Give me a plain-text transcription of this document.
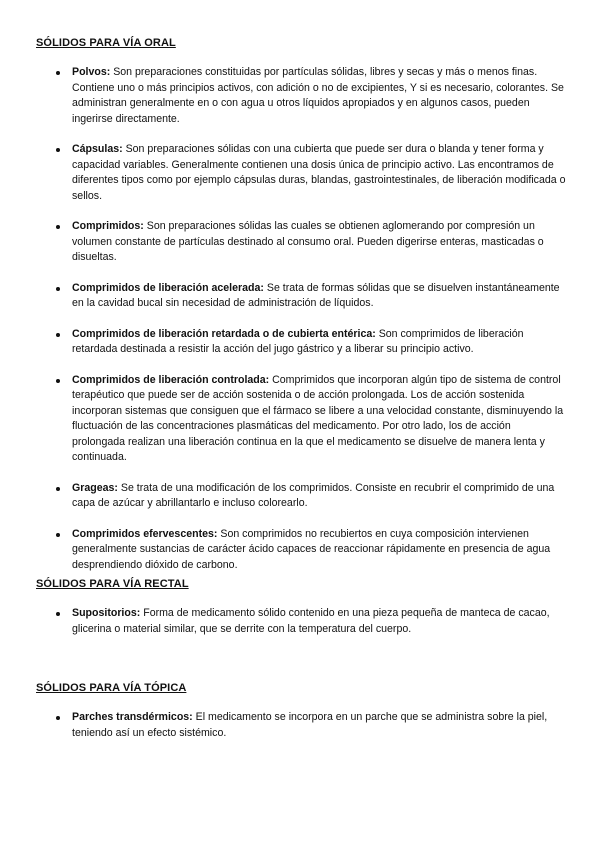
SÓLIDOS PARA VÍA ORAL

Polvos: Son preparaciones constituidas por partículas sólidas, libres y secas y más o menos finas. Contiene uno o más principios activos, con adición o no de excipientes, Y si es necesario, colorantes. Se administran generalmente en o con agua u otros líquidos apropiados y en algunos casos, pueden ingerirse directamente.
Cápsulas: Son preparaciones sólidas con una cubierta que puede ser dura o blanda y tener forma y capacidad variables. Generalmente contienen una dosis única de principio activo. Las encontramos de diferentes tipos como por ejemplo cápsulas duras, blandas, gastrointestinales, de liberación modificada o sellos.
Comprimidos: Son preparaciones sólidas las cuales se obtienen aglomerando por compresión un volumen constante de partículas destinado al consumo oral. Pueden digerirse enteras, masticadas o disueltas.
Comprimidos de liberación acelerada: Se trata de formas sólidas que se disuelven instantáneamente en la cavidad bucal sin necesidad de administración de líquidos.
Comprimidos de liberación retardada o de cubierta entérica: Son comprimidos de liberación retardada destinada a resistir la acción del jugo gástrico y a liberar su principio activo.
Comprimidos de liberación controlada: Comprimidos que incorporan algún tipo de sistema de control terapéutico que puede ser de acción sostenida o de acción prolongada. Los de acción sostenida incorporan sistemas que consiguen que el fármaco se libere a una velocidad constante, disminuyendo la fluctuación de las concentraciones plasmáticas del medicamento. Por otro lado, los de acción prolongada realizan una liberación continua en la que el medicamento se disuelve de manera lenta y continuada.
Grageas: Se trata de una modificación de los comprimidos. Consiste en recubrir el comprimido de una capa de azúcar y abrillantarlo e incluso colorearlo.
Comprimidos efervescentes: Son comprimidos no recubiertos en cuya composición intervienen generalmente sustancias de carácter ácido capaces de reaccionar rápidamente en presencia de agua desprendiendo dióxido de carbono.

SÓLIDOS PARA VÍA RECTAL

Supositorios: Forma de medicamento sólido contenido en una pieza pequeña de manteca de cacao, glicerina o material similar, que se derrite con la temperatura del cuerpo.

SÓLIDOS PARA VÍA TÓPICA

Parches transdérmicos: El medicamento se incorpora en un parche que se administra sobre la piel, teniendo así un efecto sistémico.
